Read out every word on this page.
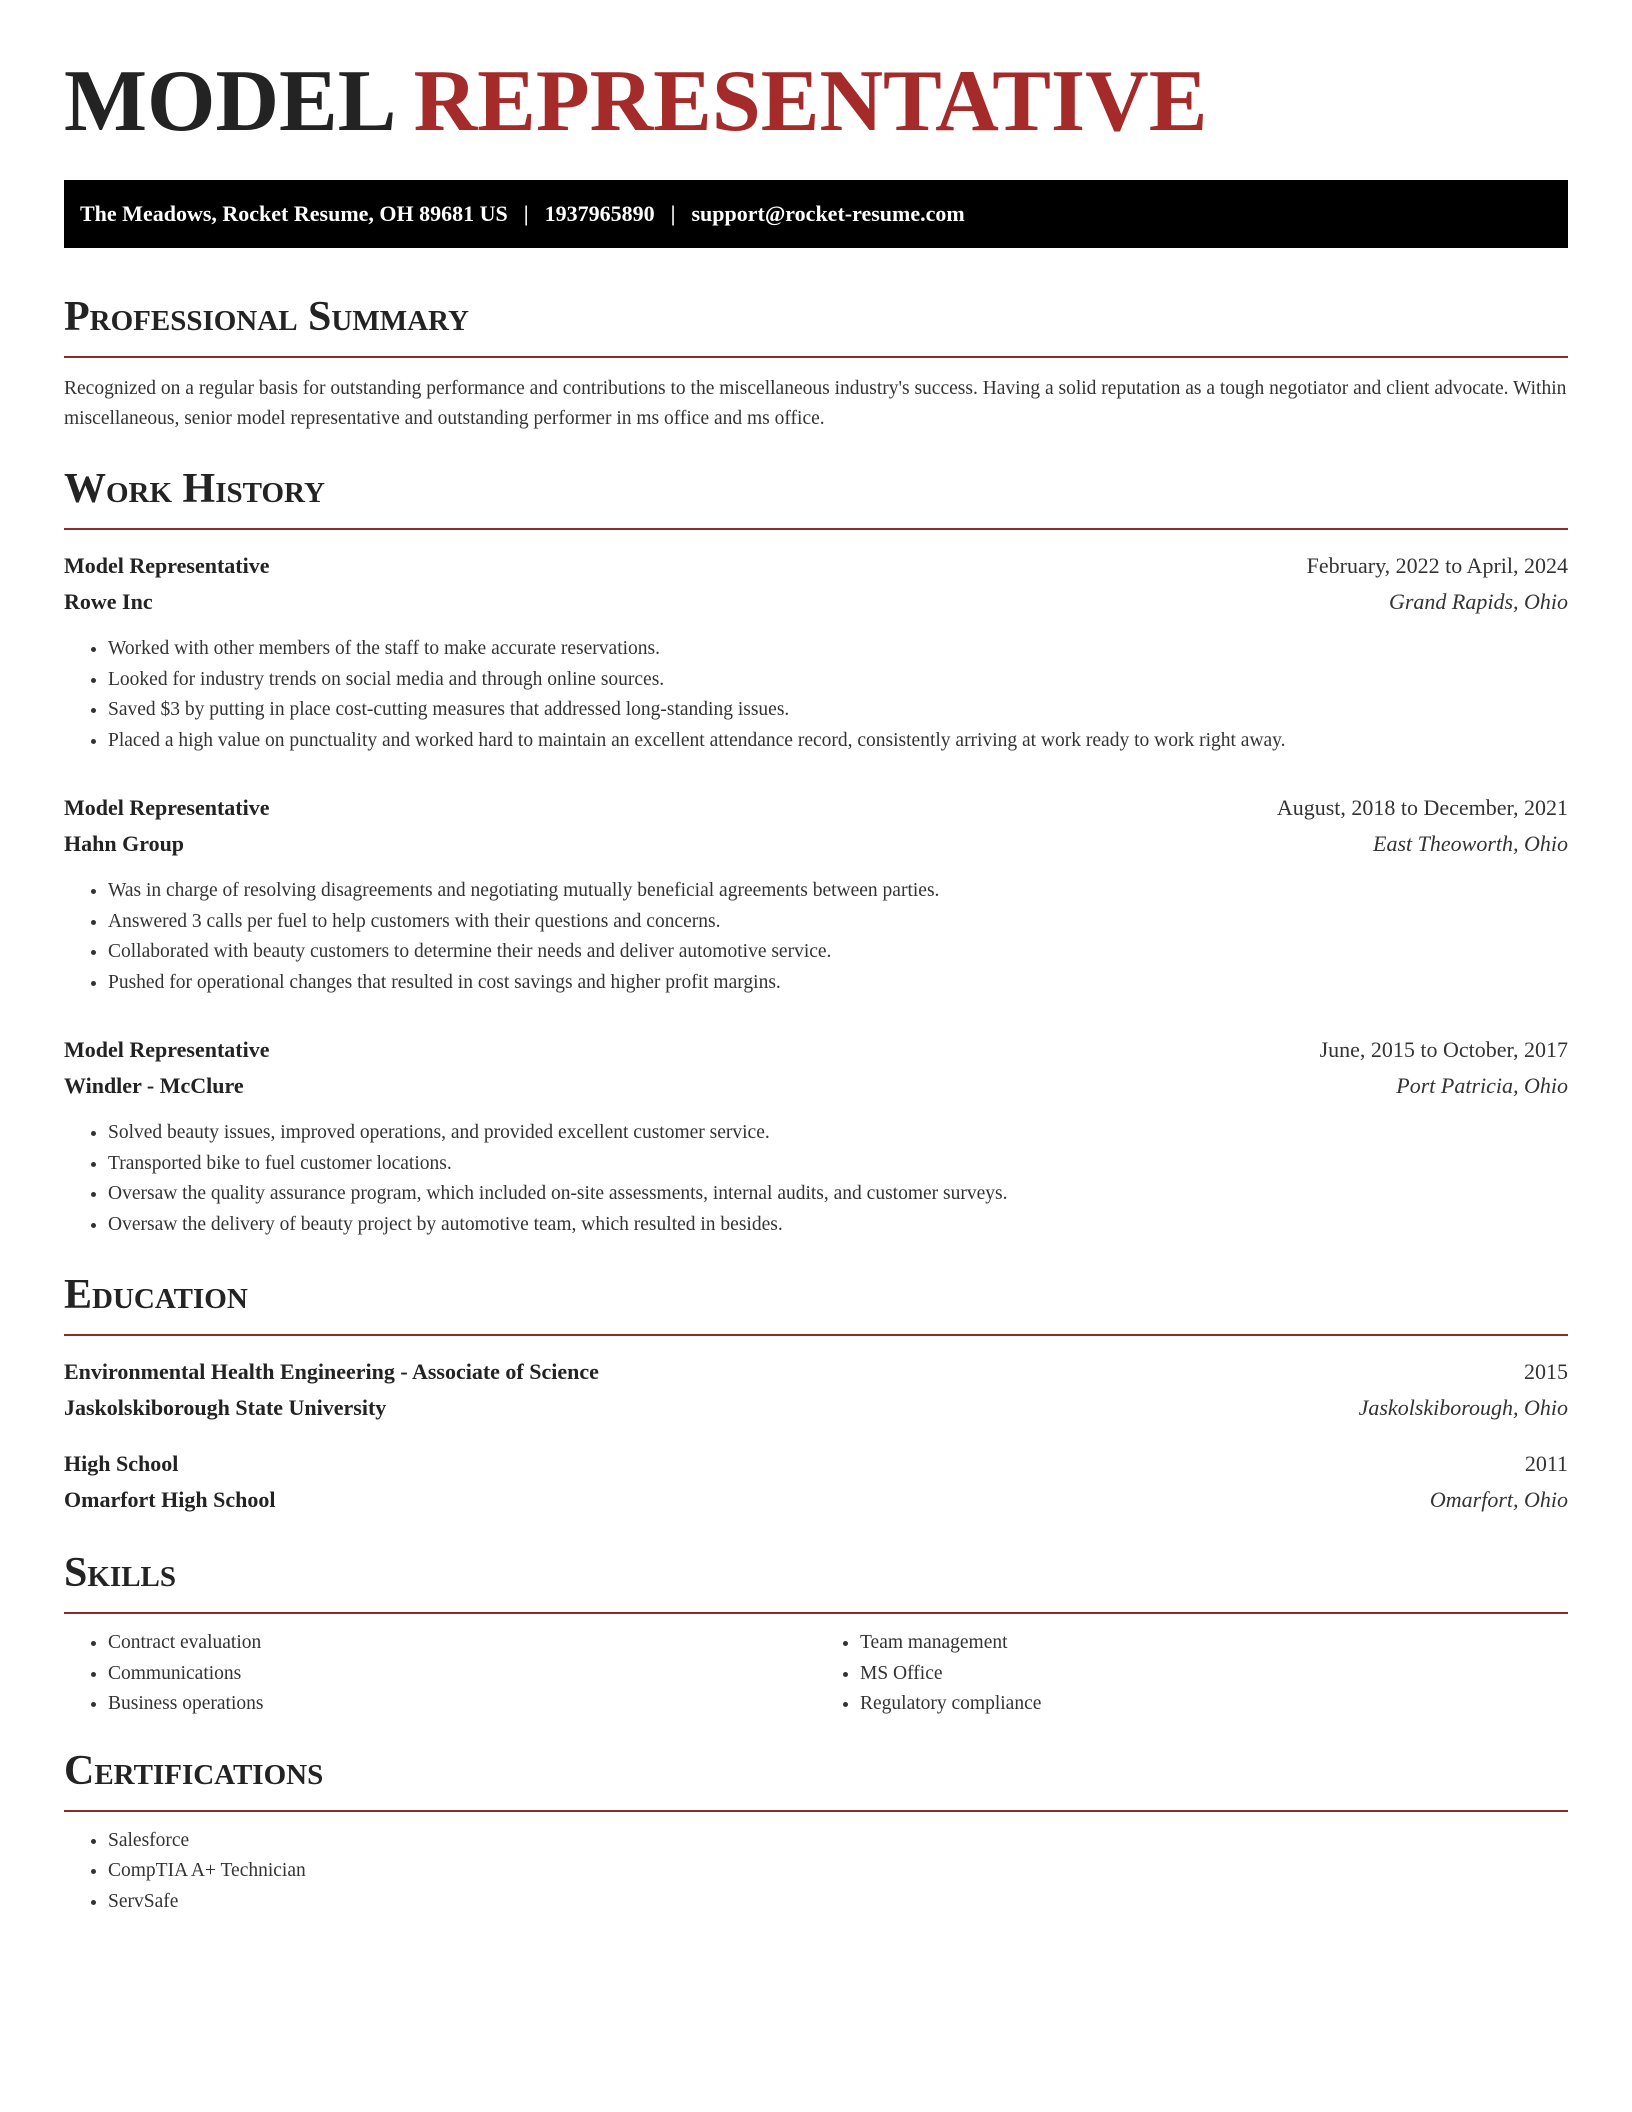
MODEL REPRESENTATIVE
The Meadows, Rocket Resume, OH 89681 US | 1937965890 | support@rocket-resume.com
Professional Summary

Recognized on a regular basis for outstanding performance and contributions to the miscellaneous industry's success. Having a solid reputation as a tough negotiator and client advocate. Within miscellaneous, senior model representative and outstanding performer in ms office and ms office.

Work History
Model Representative	February, 2022 to April, 2024
Rowe Inc	Grand Rapids, Ohio
• Worked with other members of the staff to make accurate reservations.
• Looked for industry trends on social media and through online sources.
• Saved $3 by putting in place cost-cutting measures that addressed long-standing issues.
• Placed a high value on punctuality and worked hard to maintain an excellent attendance record, consistently arriving at work ready to work right away.
Model Representative	August, 2018 to December, 2021
Hahn Group	East Theoworth, Ohio
• Was in charge of resolving disagreements and negotiating mutually beneficial agreements between parties.
• Answered 3 calls per fuel to help customers with their questions and concerns.
• Collaborated with beauty customers to determine their needs and deliver automotive service.
• Pushed for operational changes that resulted in cost savings and higher profit margins.
Model Representative	June, 2015 to October, 2017
Windler - McClure	Port Patricia, Ohio
• Solved beauty issues, improved operations, and provided excellent customer service.
• Transported bike to fuel customer locations.
• Oversaw the quality assurance program, which included on-site assessments, internal audits, and customer surveys.
• Oversaw the delivery of beauty project by automotive team, which resulted in besides.
Education
Environmental Health Engineering - Associate of Science	2015
Jaskolskiborough State University	Jaskolskiborough, Ohio
High School	2011
Omarfort High School	Omarfort, Ohio
Skills
• Contract evaluation
• Communications
• Business operations
• Team management
• MS Office
• Regulatory compliance
Certifications
• Salesforce
• CompTIA A+ Technician
• ServSafe
